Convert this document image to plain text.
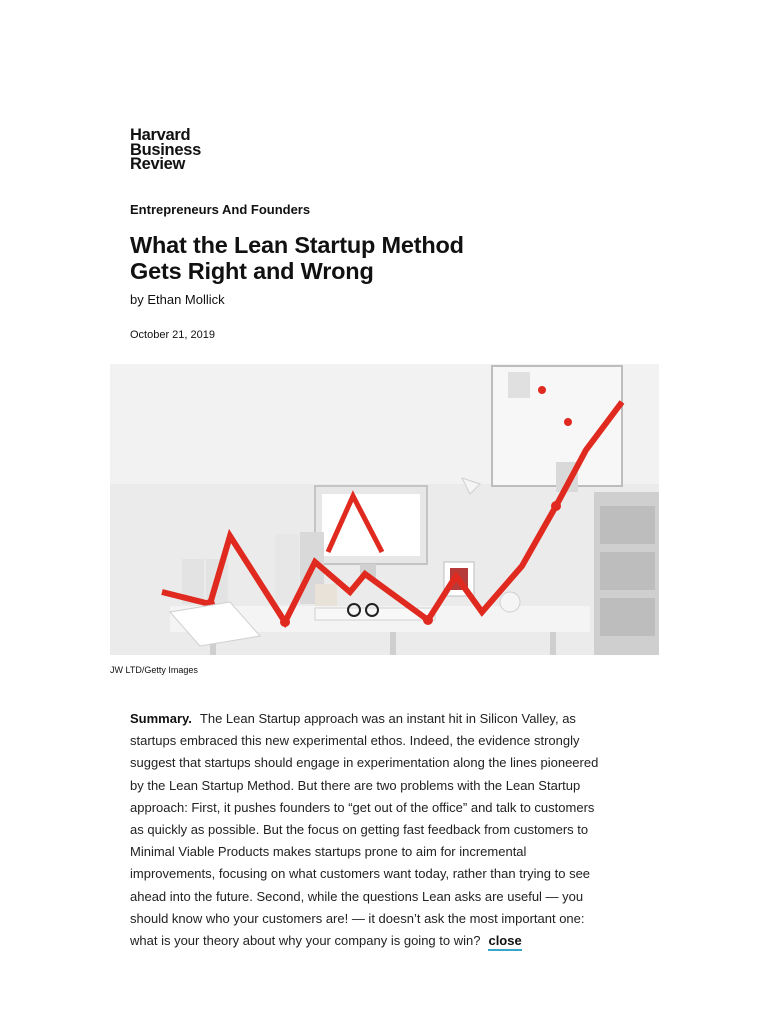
Harvard
Business
Review
Entrepreneurs And Founders
What the Lean Startup Method
Gets Right and Wrong
by Ethan Mollick
October 21, 2019
JW LTD/Getty Images

Summary. The Lean Startup approach was an instant hit in Silicon Valley, as
startups embraced this new experimental ethos. Indeed, the evidence strongly
suggest that startups should engage in experimentation along the lines pioneered
by the Lean Startup Method. But there are two problems with the Lean Startup
approach: First, it pushes founders to “get out of the office” and talk to customers
as quickly as possible. But the focus on getting fast feedback from customers to
Minimal Viable Products makes startups prone to aim for incremental
improvements, focusing on what customers want today, rather than trying to see
ahead into the future. Second, while the questions Lean asks are useful — you
should know who your customers are! — it doesn’t ask the most important one:
what is your theory about why your company is going to win? close
